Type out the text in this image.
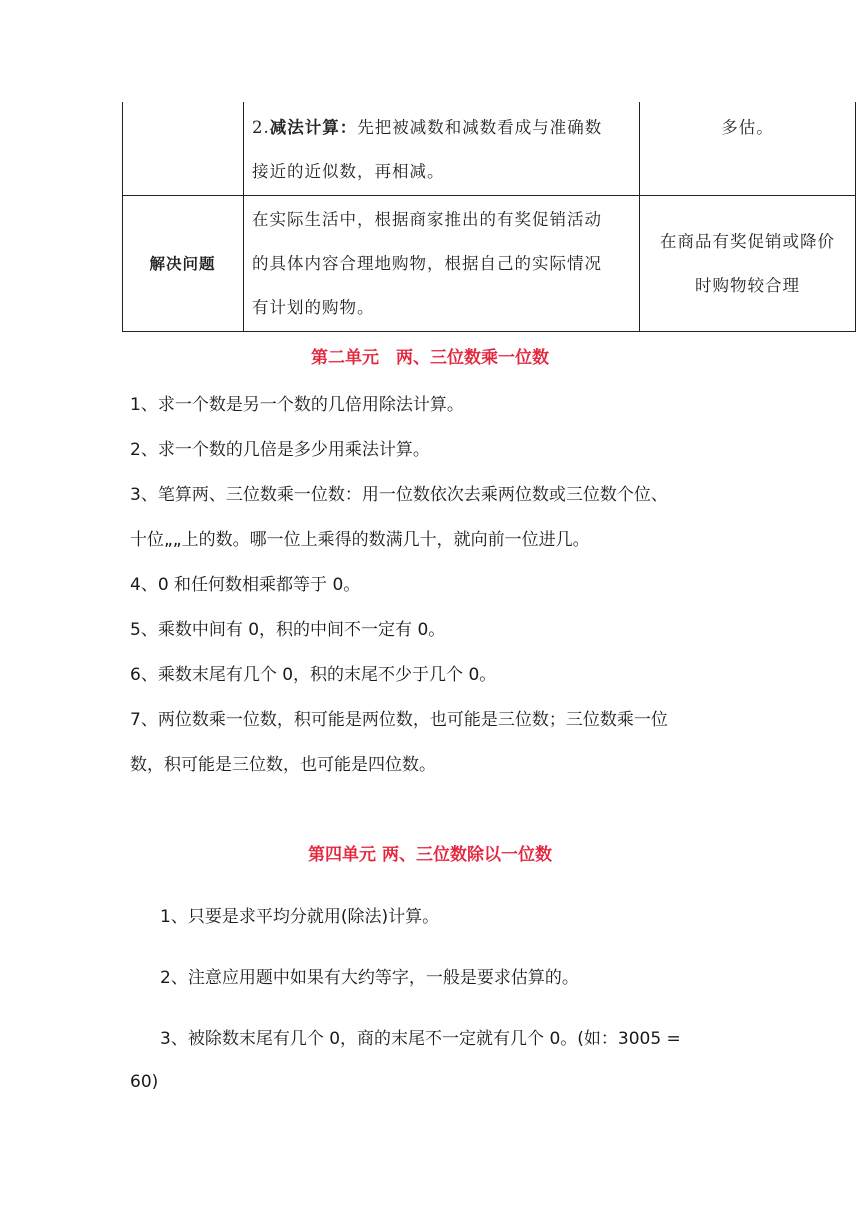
2.减法计算：先把被减数和减数看成与准确数
接近的近似数，再相减。
多估。
解决问题
在实际生活中，根据商家推出的有奖促销活动
的具体内容合理地购物，根据自己的实际情况
有计划的购物。
在商品有奖促销或降价
时购物较合理
第二单元　两、三位数乘一位数
1、求一个数是另一个数的几倍用除法计算。
2、求一个数的几倍是多少用乘法计算。
3、笔算两、三位数乘一位数：用一位数依次去乘两位数或三位数个位、
十位„„上的数。哪一位上乘得的数满几十，就向前一位进几。
4、0 和任何数相乘都等于 0。
5、乘数中间有 0，积的中间不一定有 0。
6、乘数末尾有几个 0，积的末尾不少于几个 0。
7、两位数乘一位数，积可能是两位数，也可能是三位数；三位数乘一位
数，积可能是三位数，也可能是四位数。
第四单元 两、三位数除以一位数
1、只要是求平均分就用(除法)计算。
2、注意应用题中如果有大约等字，一般是要求估算的。
3、被除数末尾有几个 0，商的末尾不一定就有几个 0。(如：3005 =
60)
